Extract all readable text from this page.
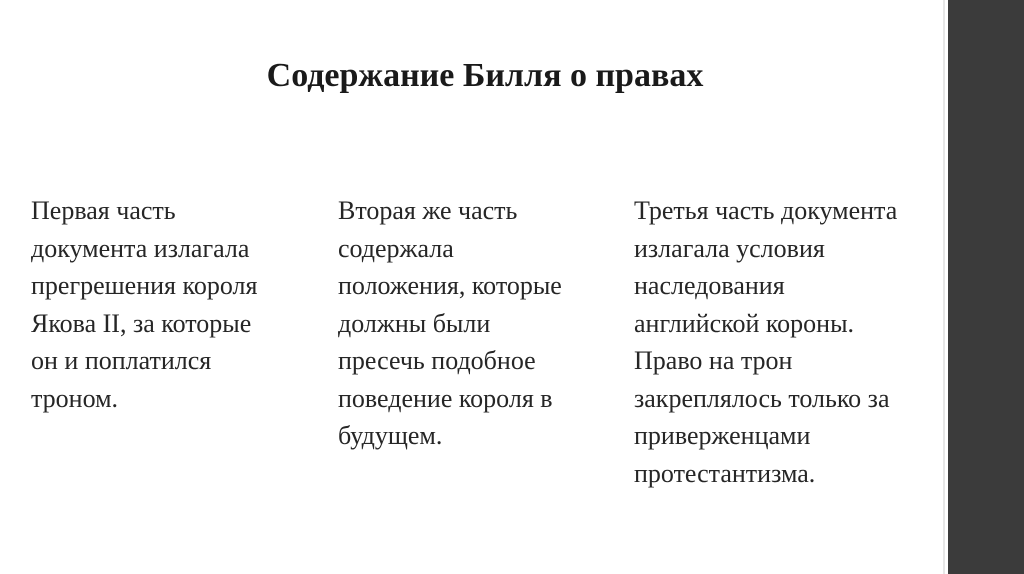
Содержание Билля о правах

Первая часть
документа излагала
прегрешения короля
Якова II, за которые
он и поплатился
троном.

Вторая же часть
содержала
положения, которые
должны были
пресечь подобное
поведение короля в
будущем.

Третья часть документа
излагала условия
наследования
английской короны.
Право на трон
закреплялось только за
приверженцами
протестантизма.
